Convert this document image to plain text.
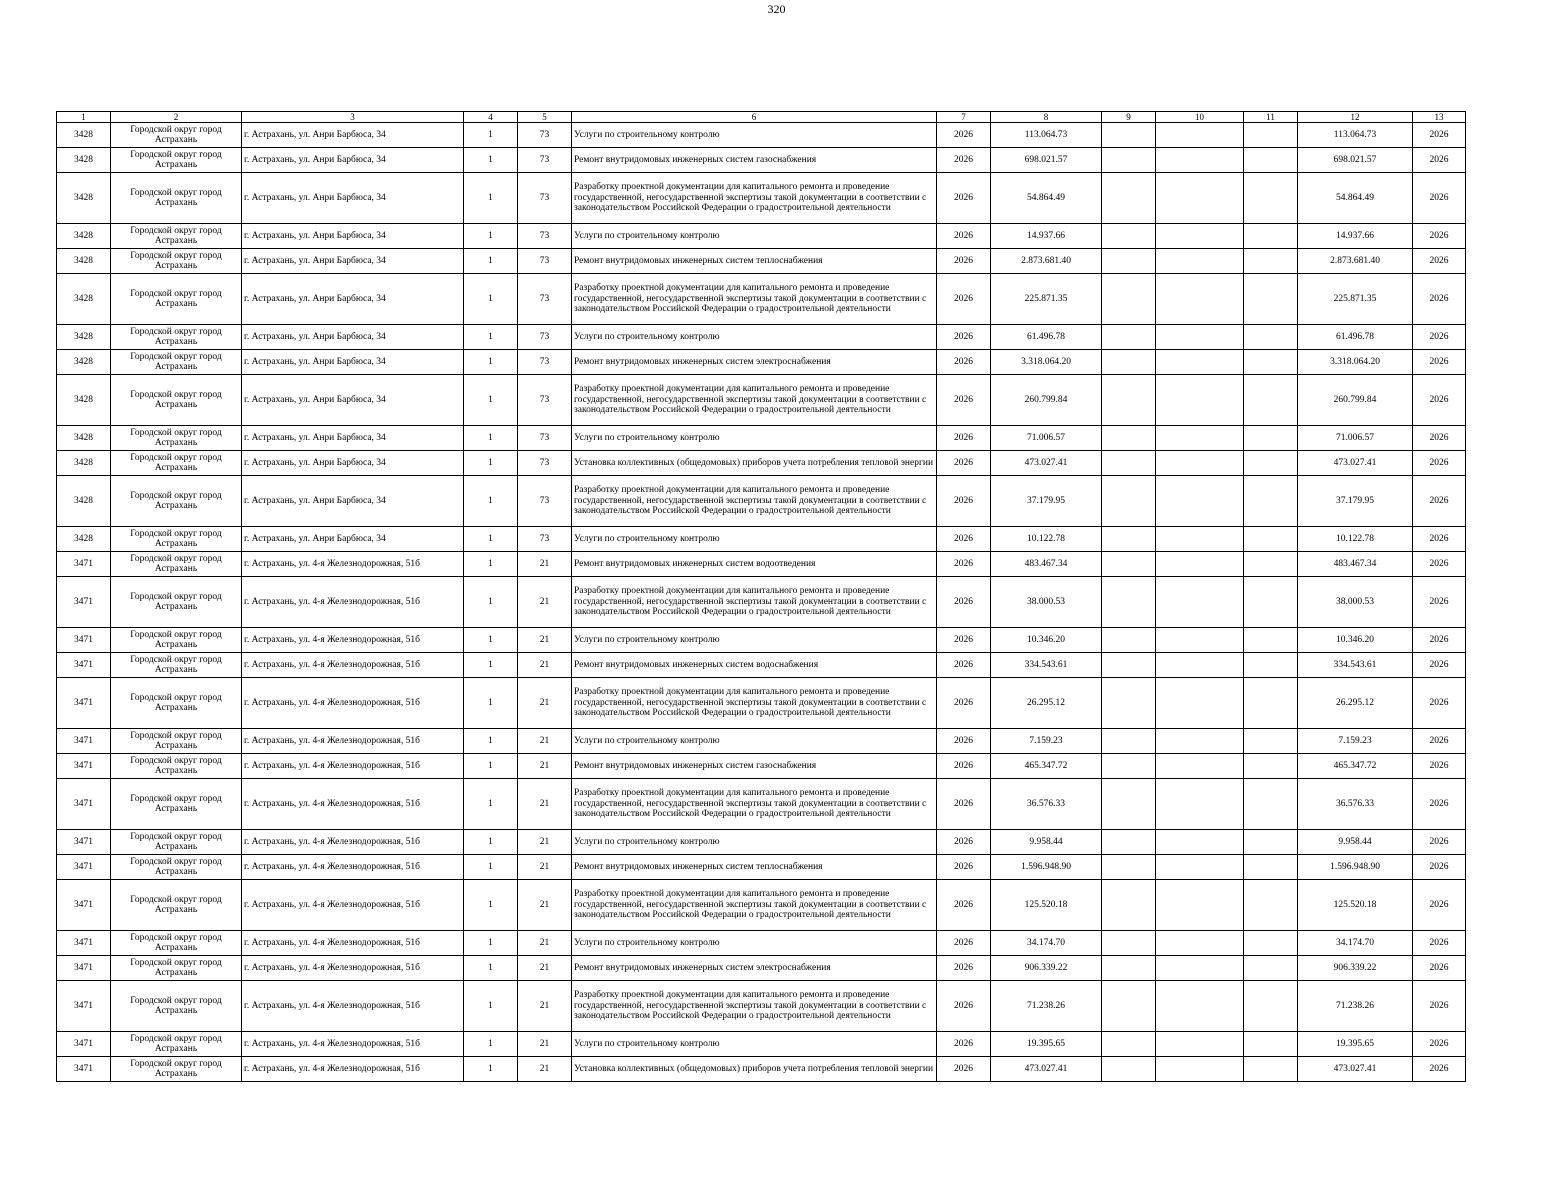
320
1	2	3	4	5	6	7	8	9	10	11	12	13
3428	Городской округ город Астрахань	г. Астрахань, ул. Анри Барбюса, 34	1	73	Услуги по строительному контролю	2026	113.064.73				113.064.73	2026
3428	Городской округ город Астрахань	г. Астрахань, ул. Анри Барбюса, 34	1	73	Ремонт внутридомовых инженерных систем газоснабжения	2026	698.021.57				698.021.57	2026
3428	Городской округ город Астрахань	г. Астрахань, ул. Анри Барбюса, 34	1	73	Разработку проектной документации для капитального ремонта и проведение государственной, негосударственной экспертизы такой документации в соответствии с законодательством Российской Федерации о градостроительной деятельности	2026	54.864.49				54.864.49	2026
3428	Городской округ город Астрахань	г. Астрахань, ул. Анри Барбюса, 34	1	73	Услуги по строительному контролю	2026	14.937.66				14.937.66	2026
3428	Городской округ город Астрахань	г. Астрахань, ул. Анри Барбюса, 34	1	73	Ремонт внутридомовых инженерных систем теплоснабжения	2026	2.873.681.40				2.873.681.40	2026
3428	Городской округ город Астрахань	г. Астрахань, ул. Анри Барбюса, 34	1	73	Разработку проектной документации для капитального ремонта и проведение государственной, негосударственной экспертизы такой документации в соответствии с законодательством Российской Федерации о градостроительной деятельности	2026	225.871.35				225.871.35	2026
3428	Городской округ город Астрахань	г. Астрахань, ул. Анри Барбюса, 34	1	73	Услуги по строительному контролю	2026	61.496.78				61.496.78	2026
3428	Городской округ город Астрахань	г. Астрахань, ул. Анри Барбюса, 34	1	73	Ремонт внутридомовых инженерных систем электроснабжения	2026	3.318.064.20				3.318.064.20	2026
3428	Городской округ город Астрахань	г. Астрахань, ул. Анри Барбюса, 34	1	73	Разработку проектной документации для капитального ремонта и проведение государственной, негосударственной экспертизы такой документации в соответствии с законодательством Российской Федерации о градостроительной деятельности	2026	260.799.84				260.799.84	2026
3428	Городской округ город Астрахань	г. Астрахань, ул. Анри Барбюса, 34	1	73	Услуги по строительному контролю	2026	71.006.57				71.006.57	2026
3428	Городской округ город Астрахань	г. Астрахань, ул. Анри Барбюса, 34	1	73	Установка коллективных (общедомовых) приборов учета потребления тепловой энергии	2026	473.027.41				473.027.41	2026
3428	Городской округ город Астрахань	г. Астрахань, ул. Анри Барбюса, 34	1	73	Разработку проектной документации для капитального ремонта и проведение государственной, негосударственной экспертизы такой документации в соответствии с законодательством Российской Федерации о градостроительной деятельности	2026	37.179.95				37.179.95	2026
3428	Городской округ город Астрахань	г. Астрахань, ул. Анри Барбюса, 34	1	73	Услуги по строительному контролю	2026	10.122.78				10.122.78	2026
3471	Городской округ город Астрахань	г. Астрахань, ул. 4-я Железнодорожная, 51б	1	21	Ремонт внутридомовых инженерных систем водоотведения	2026	483.467.34				483.467.34	2026
3471	Городской округ город Астрахань	г. Астрахань, ул. 4-я Железнодорожная, 51б	1	21	Разработку проектной документации для капитального ремонта и проведение государственной, негосударственной экспертизы такой документации в соответствии с законодательством Российской Федерации о градостроительной деятельности	2026	38.000.53				38.000.53	2026
3471	Городской округ город Астрахань	г. Астрахань, ул. 4-я Железнодорожная, 51б	1	21	Услуги по строительному контролю	2026	10.346.20				10.346.20	2026
3471	Городской округ город Астрахань	г. Астрахань, ул. 4-я Железнодорожная, 51б	1	21	Ремонт внутридомовых инженерных систем водоснабжения	2026	334.543.61				334.543.61	2026
3471	Городской округ город Астрахань	г. Астрахань, ул. 4-я Железнодорожная, 51б	1	21	Разработку проектной документации для капитального ремонта и проведение государственной, негосударственной экспертизы такой документации в соответствии с законодательством Российской Федерации о градостроительной деятельности	2026	26.295.12				26.295.12	2026
3471	Городской округ город Астрахань	г. Астрахань, ул. 4-я Железнодорожная, 51б	1	21	Услуги по строительному контролю	2026	7.159.23				7.159.23	2026
3471	Городской округ город Астрахань	г. Астрахань, ул. 4-я Железнодорожная, 51б	1	21	Ремонт внутридомовых инженерных систем газоснабжения	2026	465.347.72				465.347.72	2026
3471	Городской округ город Астрахань	г. Астрахань, ул. 4-я Железнодорожная, 51б	1	21	Разработку проектной документации для капитального ремонта и проведение государственной, негосударственной экспертизы такой документации в соответствии с законодательством Российской Федерации о градостроительной деятельности	2026	36.576.33				36.576.33	2026
3471	Городской округ город Астрахань	г. Астрахань, ул. 4-я Железнодорожная, 51б	1	21	Услуги по строительному контролю	2026	9.958.44				9.958.44	2026
3471	Городской округ город Астрахань	г. Астрахань, ул. 4-я Железнодорожная, 51б	1	21	Ремонт внутридомовых инженерных систем теплоснабжения	2026	1.596.948.90				1.596.948.90	2026
3471	Городской округ город Астрахань	г. Астрахань, ул. 4-я Железнодорожная, 51б	1	21	Разработку проектной документации для капитального ремонта и проведение государственной, негосударственной экспертизы такой документации в соответствии с законодательством Российской Федерации о градостроительной деятельности	2026	125.520.18				125.520.18	2026
3471	Городской округ город Астрахань	г. Астрахань, ул. 4-я Железнодорожная, 51б	1	21	Услуги по строительному контролю	2026	34.174.70				34.174.70	2026
3471	Городской округ город Астрахань	г. Астрахань, ул. 4-я Железнодорожная, 51б	1	21	Ремонт внутридомовых инженерных систем электроснабжения	2026	906.339.22				906.339.22	2026
3471	Городской округ город Астрахань	г. Астрахань, ул. 4-я Железнодорожная, 51б	1	21	Разработку проектной документации для капитального ремонта и проведение государственной, негосударственной экспертизы такой документации в соответствии с законодательством Российской Федерации о градостроительной деятельности	2026	71.238.26				71.238.26	2026
3471	Городской округ город Астрахань	г. Астрахань, ул. 4-я Железнодорожная, 51б	1	21	Услуги по строительному контролю	2026	19.395.65				19.395.65	2026
3471	Городской округ город Астрахань	г. Астрахань, ул. 4-я Железнодорожная, 51б	1	21	Установка коллективных (общедомовых) приборов учета потребления тепловой энергии	2026	473.027.41				473.027.41	2026
